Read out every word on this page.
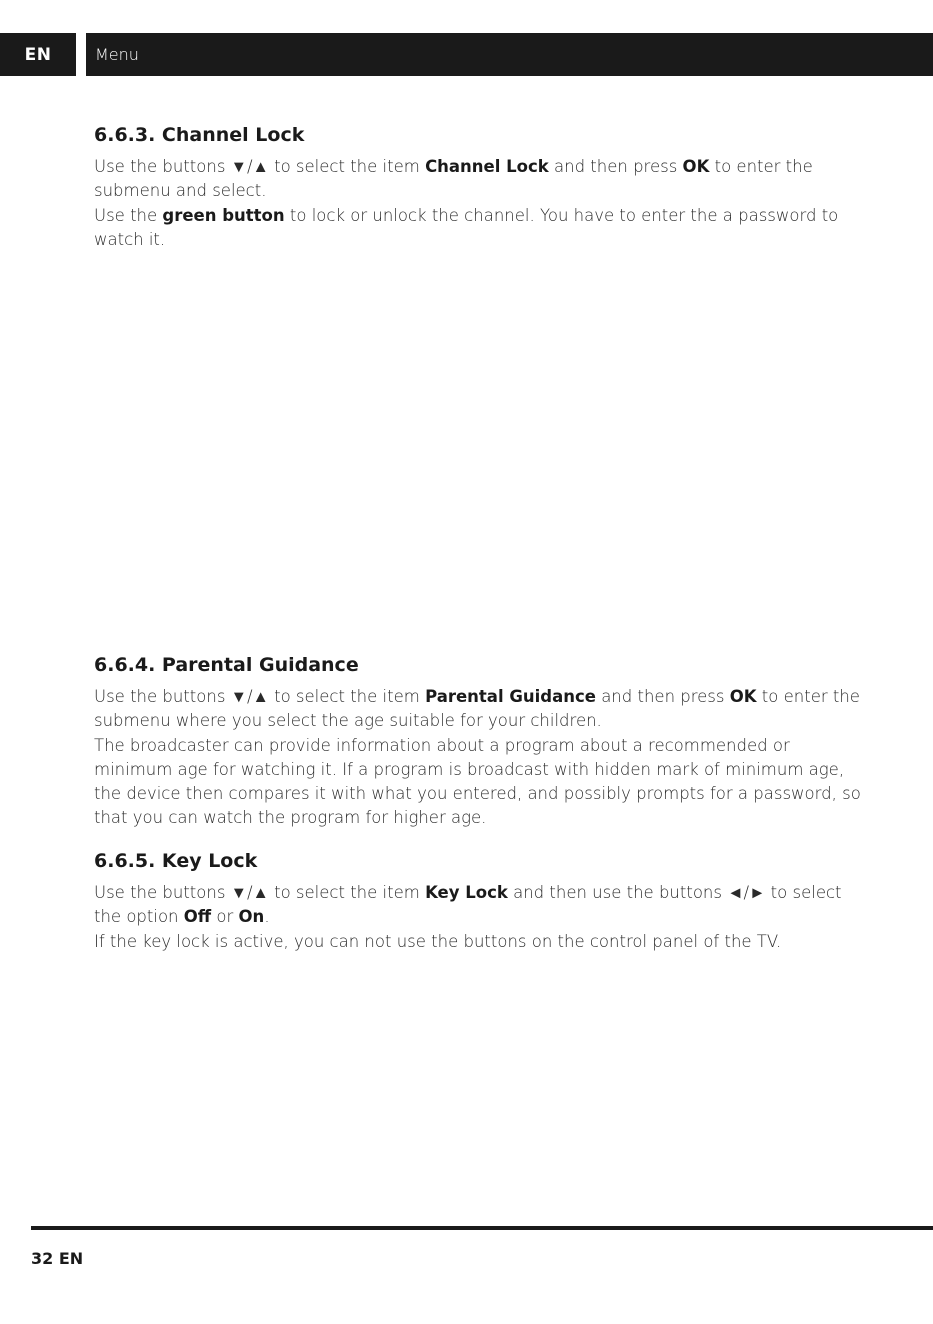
EN	Menu
6.6.3. Channel Lock

Use the buttons ▼/▲ to select the item Channel Lock and then press OK to enter the submenu and select.

Use the green button to lock or unlock the channel. You have to enter the a password to watch it.

6.6.4. Parental Guidance

Use the buttons ▼/▲ to select the item Parental Guidance and then press OK to enter the submenu where you select the age suitable for your children.

The broadcaster can provide information about a program about a recommended or minimum age for watching it. If a program is broadcast with hidden mark of minimum age, the device then compares it with what you entered, and possibly prompts for a password, so that you can watch the program for higher age.

6.6.5. Key Lock

Use the buttons ▼/▲ to select the item Key Lock and then use the buttons ◄/► to select the option Off or On.

If the key lock is active, you can not use the buttons on the control panel of the TV.

32 EN
